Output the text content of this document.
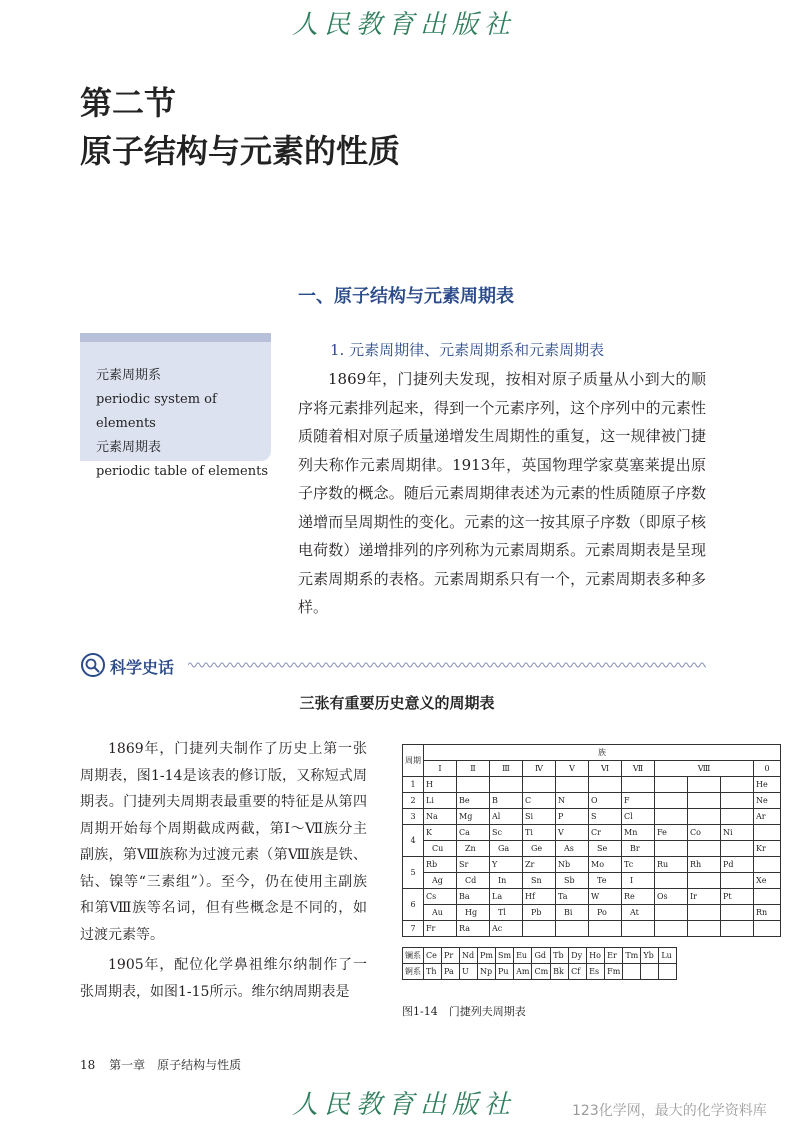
人民教育出版社
第二节
原子结构与元素的性质
一、原子结构与元素周期表
元素周期系
periodic system of elements
元素周期表
periodic table of elements
1. 元素周期律、元素周期系和元素周期表

1869年，门捷列夫发现，按相对原子质量从小到大的顺序将元素排列起来，得到一个元素序列，这个序列中的元素性质随着相对原子质量递增发生周期性的重复，这一规律被门捷列夫称作元素周期律。1913年，英国物理学家莫塞莱提出原子序数的概念。随后元素周期律表述为元素的性质随原子序数递增而呈周期性的变化。元素的这一按其原子序数（即原子核电荷数）递增排列的序列称为元素周期系。元素周期表是呈现元素周期系的表格。元素周期系只有一个，元素周期表多种多样。

科学史话
三张有重要历史意义的周期表

1869年，门捷列夫制作了历史上第一张周期表，图1-14是该表的修订版，又称短式周期表。门捷列夫周期表最重要的特征是从第四周期开始每个周期截成两截，第Ⅰ～Ⅶ族分主副族，第Ⅷ族称为过渡元素（第Ⅷ族是铁、钴、镍等“三素组”）。至今，仍在使用主副族和第Ⅷ族等名词，但有些概念是不同的，如过渡元素等。

1905年，配位化学鼻祖维尔纳制作了一张周期表，如图1-15所示。维尔纳周期表是

周期	族										
	Ⅰ	Ⅱ	Ⅲ	Ⅳ	Ⅴ	Ⅵ	Ⅶ	Ⅷ			0
1	H										He
2	Li	Be	B	C	N	O	F				Ne
3	Na	Mg	Al	Si	P	S	Cl				Ar
4	K	Ca	Sc	Ti	V	Cr	Mn	Fe	Co	Ni	
	Cu	Zn	Ga	Ge	As	Se	Br				Kr
5	Rb	Sr	Y	Zr	Nb	Mo	Tc	Ru	Rh	Pd	
	Ag	Cd	In	Sn	Sb	Te	I				Xe
6	Cs	Ba	La	Hf	Ta	W	Re	Os	Ir	Pt	
	Au	Hg	Tl	Pb	Bi	Po	At				Rn
7	Fr	Ra	Ac								
镧系	Ce	Pr	Nd	Pm	Sm	Eu	Gd	Tb	Dy	Ho	Er	Tm	Yb	Lu
锕系	Th	Pa	U	Np	Pu	Am	Cm	Bk	Cf	Es	Fm			
图1-14　门捷列夫周期表
18 第一章　原子结构与性质
人民教育出版社	123化学网，最大的化学资料库
